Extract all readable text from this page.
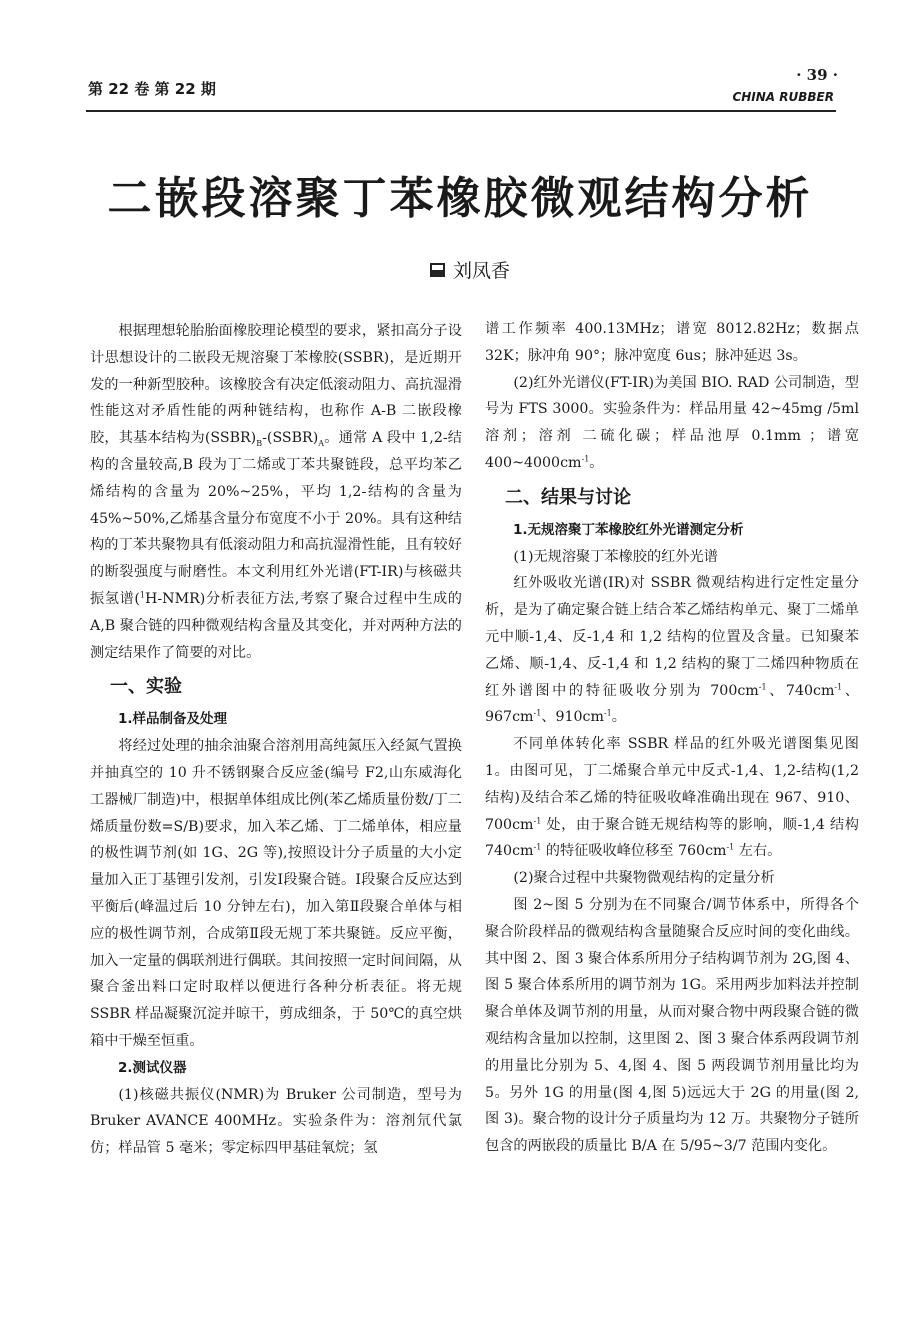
第 22 卷 第 22 期
· 39 ·
CHINA RUBBER
二嵌段溶聚丁苯橡胶微观结构分析
刘凤香

根据理想轮胎胎面橡胶理论模型的要求，紧扣高分子设计思想设计的二嵌段无规溶聚丁苯橡胶(SSBR)，是近期开发的一种新型胶种。该橡胶含有决定低滚动阻力、高抗湿滑性能这对矛盾性能的两种链结构，也称作 A-B 二嵌段橡胶，其基本结构为$(SSBR)_B-(SSBR)_A$。通常 A 段中 1,2-结构的含量较高,B 段为丁二烯或丁苯共聚链段，总平均苯乙烯结构的含量为 20%~25%，平均 1,2-结构的含量为 45%~50%,乙烯基含量分布宽度不小于 20%。具有这种结构的丁苯共聚物具有低滚动阻力和高抗湿滑性能，且有较好的断裂强度与耐磨性。本文利用红外光谱(FT-IR)与核磁共振氢谱($^1$H-NMR)分析表征方法,考察了聚合过程中生成的 A,B 聚合链的四种微观结构含量及其变化，并对两种方法的测定结果作了简要的对比。

一、实验
1.样品制备及处理

将经过处理的抽余油聚合溶剂用高纯氮压入经氮气置换并抽真空的 10 升不锈钢聚合反应釜(编号 F2,山东威海化工器械厂制造)中，根据单体组成比例(苯乙烯质量份数/丁二烯质量份数=S/B)要求，加入苯乙烯、丁二烯单体，相应量的极性调节剂(如 1G、2G 等),按照设计分子质量的大小定量加入正丁基锂引发剂，引发Ⅰ段聚合链。Ⅰ段聚合反应达到平衡后(峰温过后 10 分钟左右)，加入第Ⅱ段聚合单体与相应的极性调节剂，合成第Ⅱ段无规丁苯共聚链。反应平衡，加入一定量的偶联剂进行偶联。其间按照一定时间间隔，从聚合釜出料口定时取样以便进行各种分析表征。将无规 SSBR 样品凝聚沉淀并晾干，剪成细条，于 50℃的真空烘箱中干燥至恒重。

2.测试仪器

(1)核磁共振仪(NMR)为 Bruker 公司制造，型号为 Bruker AVANCE 400MHz。实验条件为：溶剂氘代氯仿；样品管 5 毫米；零定标四甲基硅氧烷；氢

谱工作频率 400.13MHz；谱宽 8012.82Hz；数据点 32K；脉冲角 90°；脉冲宽度 6us；脉冲延迟 3s。

(2)红外光谱仪(FT-IR)为美国 BIO. RAD 公司制造，型号为 FTS 3000。实验条件为：样品用量 42~45mg /5ml 溶剂；溶剂 二硫化碳；样品池厚 0.1mm ；谱宽 $400\sim 4000cm^{-1}$。

二、结果与讨论
1.无规溶聚丁苯橡胶红外光谱测定分析

(1)无规溶聚丁苯橡胶的红外光谱

红外吸收光谱(IR)对 SSBR 微观结构进行定性定量分析，是为了确定聚合链上结合苯乙烯结构单元、聚丁二烯单元中顺-1,4、反-1,4 和 1,2 结构的位置及含量。已知聚苯乙烯、顺-1,4、反-1,4 和 1,2 结构的聚丁二烯四种物质在红外谱图中的特征吸收分别为 $700cm^{-1}$、$740cm^{-1}$、$967cm^{-1}$、$910cm^{-1}$。

不同单体转化率 SSBR 样品的红外吸光谱图集见图 1。由图可见，丁二烯聚合单元中反式-1,4、1,2-结构(1,2 结构)及结合苯乙烯的特征吸收峰准确出现在 967、910、$700cm^{-1}$ 处，由于聚合链无规结构等的影响，顺-1,4 结构 $740cm^{-1}$ 的特征吸收峰位移至 $760cm^{-1}$ 左右。

(2)聚合过程中共聚物微观结构的定量分析

图 2~图 5 分别为在不同聚合/调节体系中，所得各个聚合阶段样品的微观结构含量随聚合反应时间的变化曲线。其中图 2、图 3 聚合体系所用分子结构调节剂为 2G,图 4、图 5 聚合体系所用的调节剂为 1G。采用两步加料法并控制聚合单体及调节剂的用量，从而对聚合物中两段聚合链的微观结构含量加以控制，这里图 2、图 3 聚合体系两段调节剂的用量比分别为 5、4,图 4、图 5 两段调节剂用量比均为 5。另外 1G 的用量(图 4,图 5)远远大于 2G 的用量(图 2,图 3)。聚合物的设计分子质量均为 12 万。共聚物分子链所包含的两嵌段的质量比 B/A 在 5/95~3/7 范围内变化。
